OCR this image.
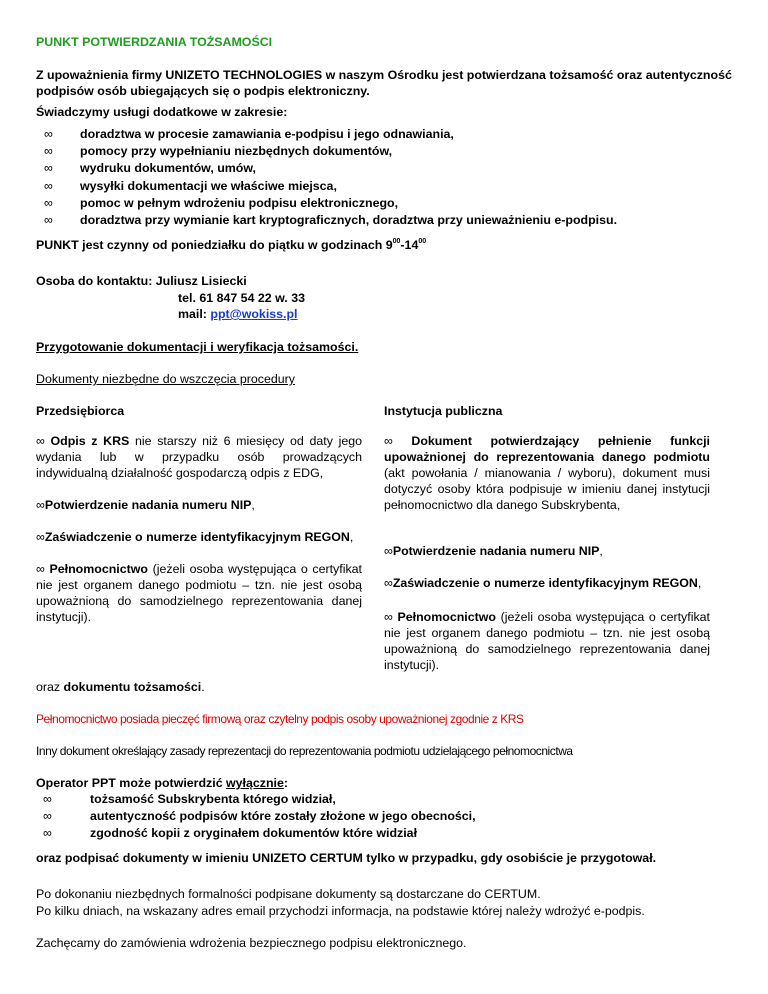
PUNKT POTWIERDZANIA TOŻSAMOŚCI
Z upoważnienia firmy UNIZETO TECHNOLOGIES w naszym Ośrodku jest potwierdzana tożsamość oraz autentyczność podpisów osób ubiegających się o podpis elektroniczny.
Świadczymy usługi dodatkowe w zakresie:
∞ doradztwa w procesie zamawiania e-podpisu i jego odnawiania,
∞ pomocy przy wypełnianiu niezbędnych dokumentów,
∞ wydruku dokumentów, umów,
∞ wysyłki dokumentacji we właściwe miejsca,
∞ pomoc w pełnym wdrożeniu podpisu elektronicznego,
∞ doradztwa przy wymianie kart kryptograficznych, doradztwa przy unieważnieniu e-podpisu.
PUNKT jest czynny od poniedziałku do piątku w godzinach $9^{00}-14^{00}$
Osoba do kontaktu: Juliusz Lisiecki
tel. 61 847 54 22 w. 33
mail: ppt@wokiss.pl
Przygotowanie dokumentacji i weryfikacja tożsamości.
Dokumenty niezbędne do wszczęcia procedury
Przedsiębiorca
∞ Odpis z KRS nie starszy niż 6 miesięcy od daty jego wydania lub w przypadku osób prowadzących indywidualną działalność gospodarczą odpis z EDG,
∞Potwierdzenie nadania numeru NIP,
∞Zaświadczenie o numerze identyfikacyjnym REGON,
∞ Pełnomocnictwo (jeżeli osoba występująca o certyfikat nie jest organem danego podmiotu – tzn. nie jest osobą upoważnioną do samodzielnego reprezentowania danej instytucji).
Instytucja publiczna
∞ Dokument potwierdzający pełnienie funkcji upoważnionej do reprezentowania danego podmiotu (akt powołania / mianowania / wyboru), dokument musi dotyczyć osoby która podpisuje w imieniu danej instytucji pełnomocnictwo dla danego Subskrybenta,
∞Potwierdzenie nadania numeru NIP,
∞Zaświadczenie o numerze identyfikacyjnym REGON,
∞ Pełnomocnictwo (jeżeli osoba występująca o certyfikat nie jest organem danego podmiotu – tzn. nie jest osobą upoważnioną do samodzielnego reprezentowania danej instytucji).
oraz dokumentu tożsamości.
Pełnomocnictwo posiada pieczęć firmową oraz czytelny podpis osoby upoważnionej zgodnie z KRS
Inny dokument określający zasady reprezentacji do reprezentowania podmiotu udzielającego pełnomocnictwa
Operator PPT może potwierdzić wyłącznie:
∞	tożsamość Subskrybenta którego widział,
∞	autentyczność podpisów które zostały złożone w jego obecności,
∞	zgodność kopii z oryginałem dokumentów które widział
oraz podpisać dokumenty w imieniu UNIZETO CERTUM tylko w przypadku, gdy osobiście je przygotował.
Po dokonaniu niezbędnych formalności podpisane dokumenty są dostarczane do CERTUM.
Po kilku dniach, na wskazany adres email przychodzi informacja, na podstawie której należy wdrożyć e-podpis.
Zachęcamy do zamówienia wdrożenia bezpiecznego podpisu elektronicznego.
